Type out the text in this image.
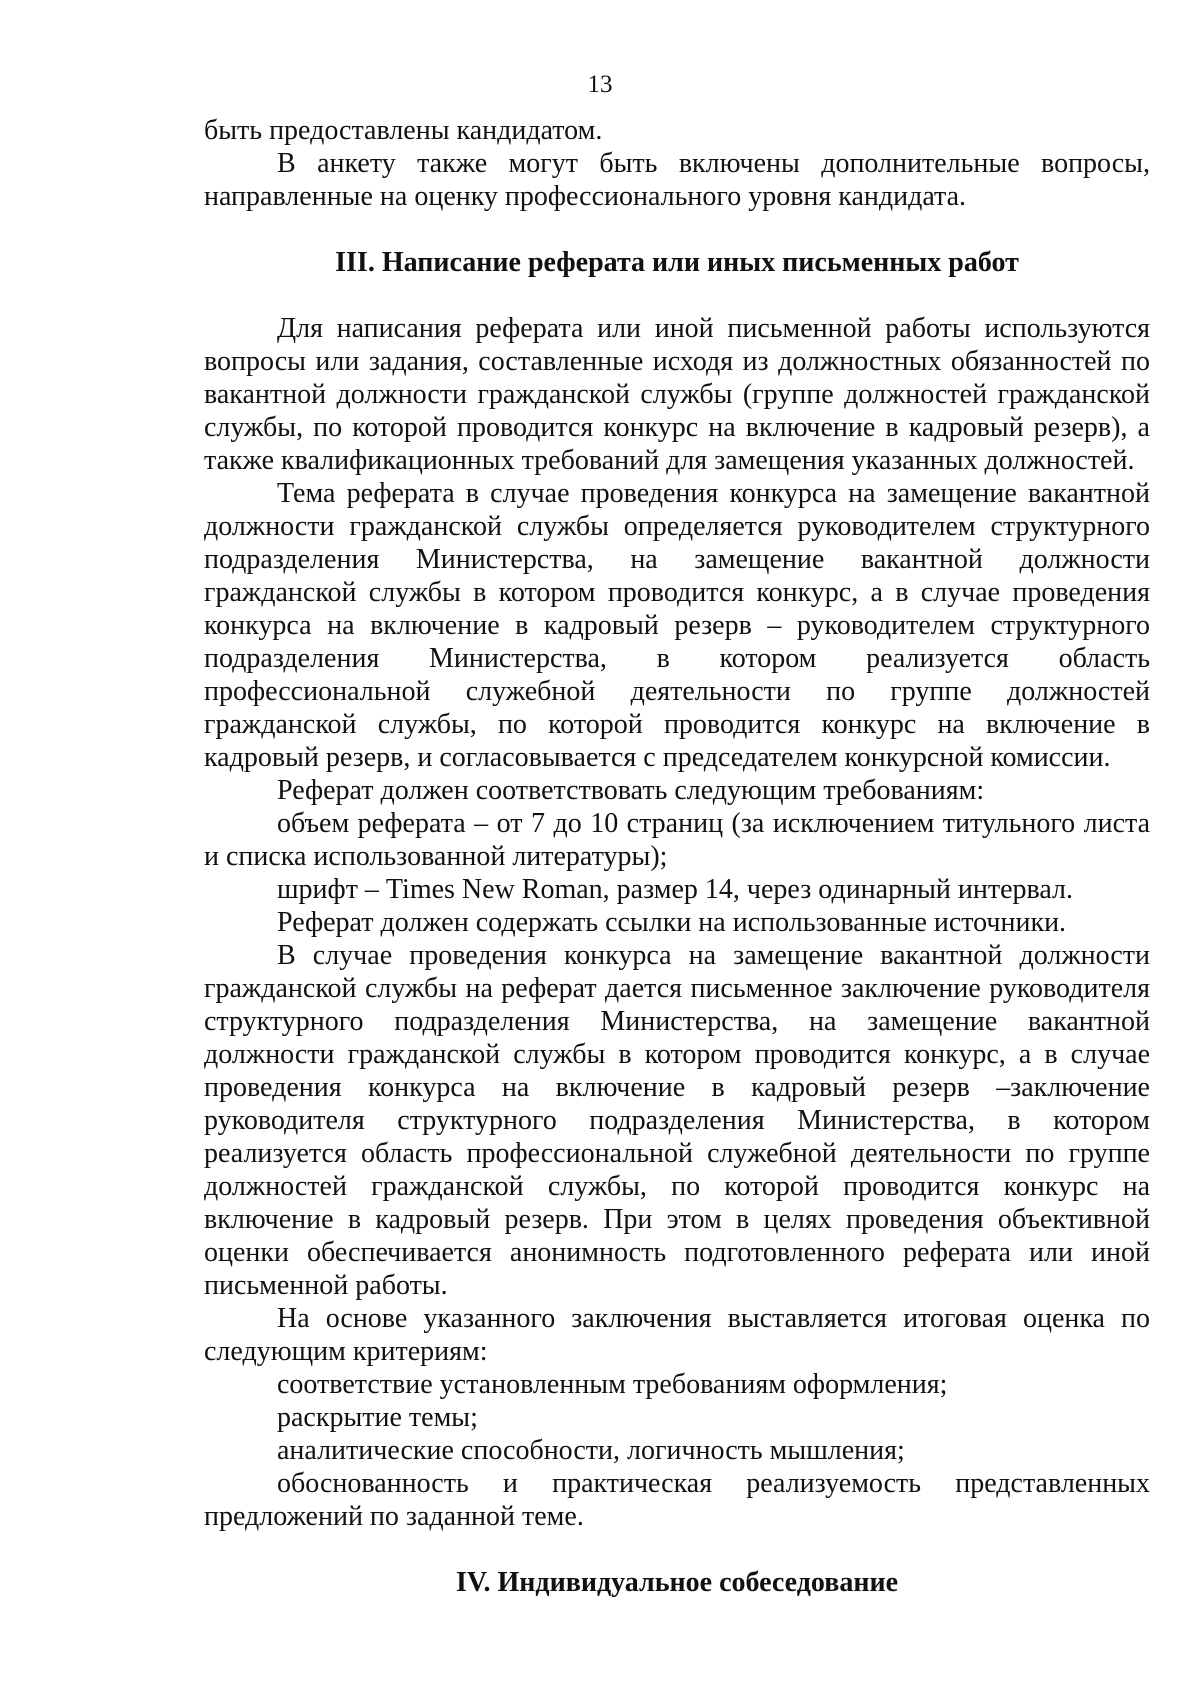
13

быть предоставлены кандидатом.

В анкету также могут быть включены дополнительные вопросы, направленные на оценку профессионального уровня кандидата.

III. Написание реферата или иных письменных работ

Для написания реферата или иной письменной работы используются вопросы или задания, составленные исходя из должностных обязанностей по вакантной должности гражданской службы (группе должностей гражданской службы, по которой проводится конкурс на включение в кадровый резерв), а также квалификационных требований для замещения указанных должностей.

Тема реферата в случае проведения конкурса на замещение вакантной должности гражданской службы определяется руководителем структурного подразделения Министерства, на замещение вакантной должности гражданской службы в котором проводится конкурс, а в случае проведения конкурса на включение в кадровый резерв – руководителем структурного подразделения Министерства, в котором реализуется область профессиональной служебной деятельности по группе должностей гражданской службы, по которой проводится конкурс на включение в кадровый резерв, и согласовывается с председателем конкурсной комиссии.

Реферат должен соответствовать следующим требованиям:

объем реферата – от 7 до 10 страниц (за исключением титульного листа и списка использованной литературы);

шрифт – Times New Roman, размер 14, через одинарный интервал.

Реферат должен содержать ссылки на использованные источники.

В случае проведения конкурса на замещение вакантной должности гражданской службы на реферат дается письменное заключение руководителя структурного подразделения Министерства, на замещение вакантной должности гражданской службы в котором проводится конкурс, а в случае проведения конкурса на включение в кадровый резерв –заключение руководителя структурного подразделения Министерства, в котором реализуется область профессиональной служебной деятельности по группе должностей гражданской службы, по которой проводится конкурс на включение в кадровый резерв. При этом в целях проведения объективной оценки обеспечивается анонимность подготовленного реферата или иной письменной работы.

На основе указанного заключения выставляется итоговая оценка по следующим критериям:

соответствие установленным требованиям оформления;

раскрытие темы;

аналитические способности, логичность мышления;

обоснованность и практическая реализуемость представленных предложений по заданной теме.

IV. Индивидуальное собеседование
